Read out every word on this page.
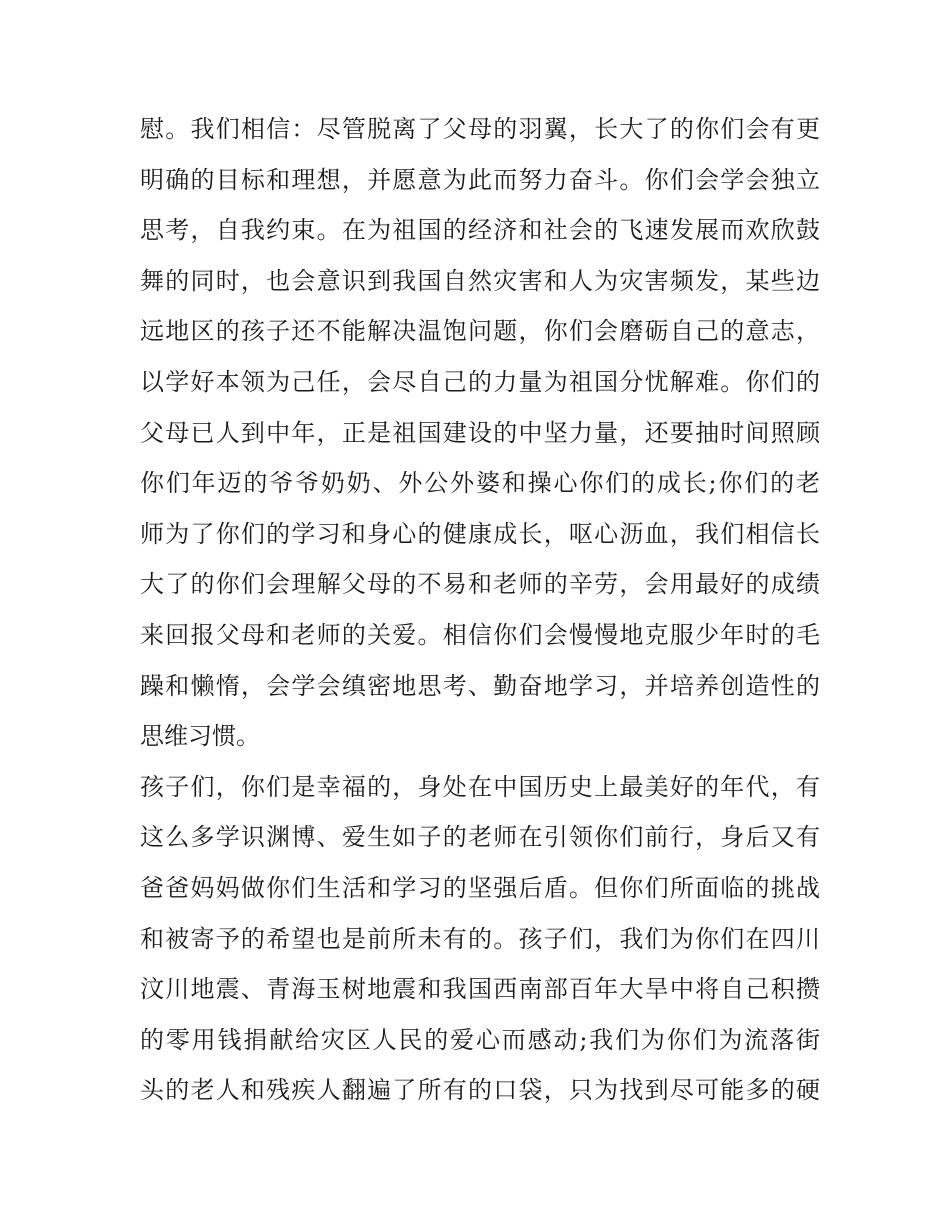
慰。我们相信：尽管脱离了父母的羽翼，长大了的你们会有更
明确的目标和理想，并愿意为此而努力奋斗。你们会学会独立
思考，自我约束。在为祖国的经济和社会的飞速发展而欢欣鼓
舞的同时，也会意识到我国自然灾害和人为灾害频发，某些边
远地区的孩子还不能解决温饱问题，你们会磨砺自己的意志，
以学好本领为己任，会尽自己的力量为祖国分忧解难。你们的
父母已人到中年，正是祖国建设的中坚力量，还要抽时间照顾
你们年迈的爷爷奶奶、外公外婆和操心你们的成长;你们的老
师为了你们的学习和身心的健康成长，呕心沥血，我们相信长
大了的你们会理解父母的不易和老师的辛劳，会用最好的成绩
来回报父母和老师的关爱。相信你们会慢慢地克服少年时的毛
躁和懒惰，会学会缜密地思考、勤奋地学习，并培养创造性的
思维习惯。
孩子们，你们是幸福的，身处在中国历史上最美好的年代，有
这么多学识渊博、爱生如子的老师在引领你们前行，身后又有
爸爸妈妈做你们生活和学习的坚强后盾。但你们所面临的挑战
和被寄予的希望也是前所未有的。孩子们，我们为你们在四川
汶川地震、青海玉树地震和我国西南部百年大旱中将自己积攒
的零用钱捐献给灾区人民的爱心而感动;我们为你们为流落街
头的老人和残疾人翻遍了所有的口袋，只为找到尽可能多的硬
